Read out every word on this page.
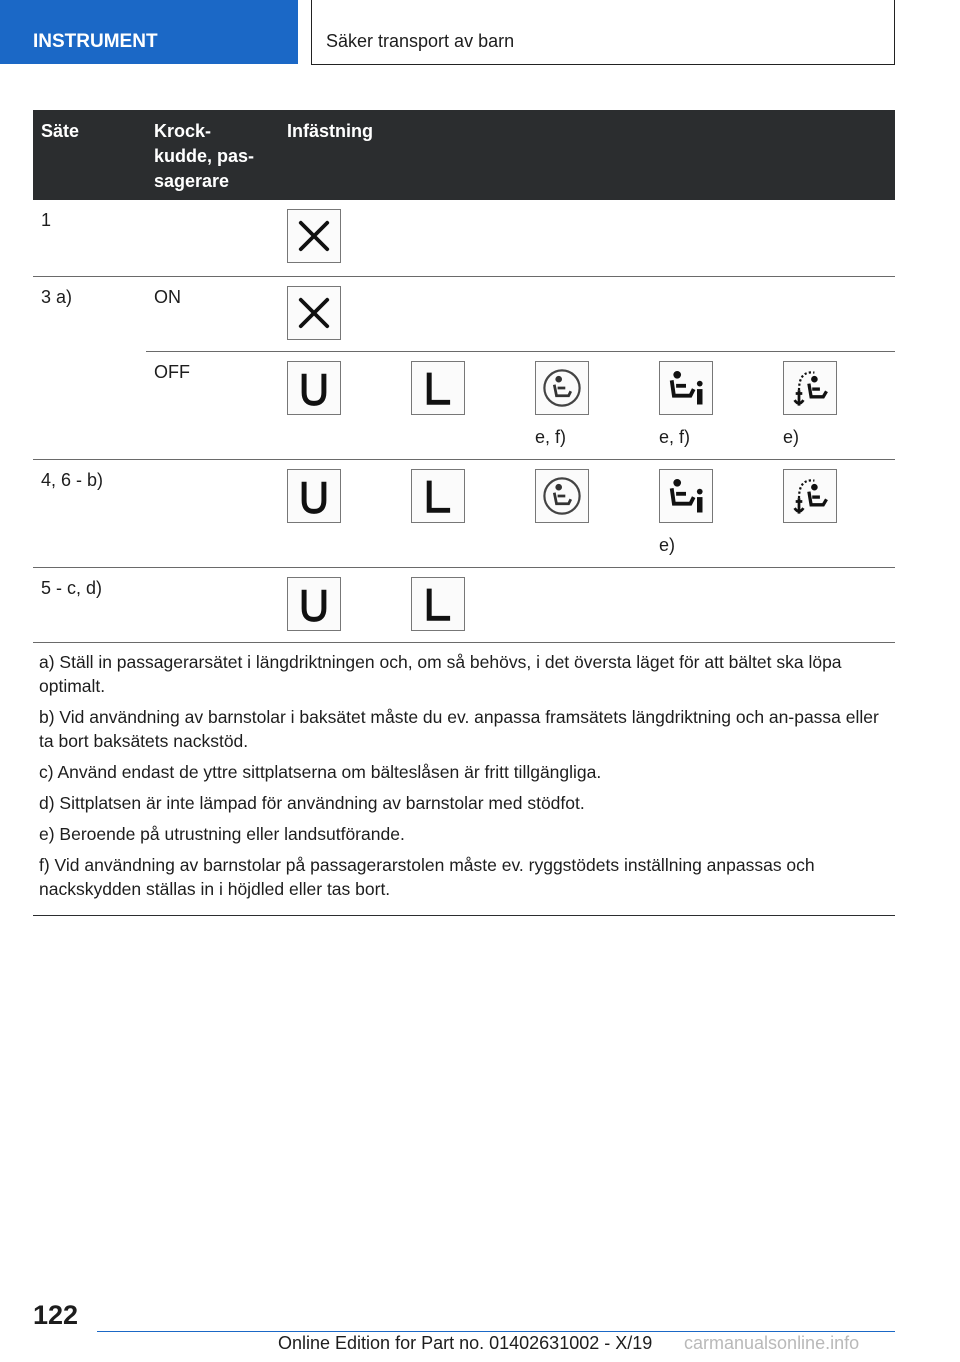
INSTRUMENT	Säker transport av barn
Säte	Krock-
kudde, pas-
sagerare	Infästning				

1

3 a)	ON

	OFF			e, f)	e, f)	e)

4, 6 - b)					e)

5 - c, d)

a) Ställ in passagerarsätet i längdriktningen och, om så behövs, i det översta läget för att bältet ska löpa optimalt.

b) Vid användning av barnstolar i baksätet måste du ev. anpassa framsätets längdriktning och an-passa eller ta bort baksätets nackstöd.

c) Använd endast de yttre sittplatserna om bälteslåsen är fritt tillgängliga.

d) Sittplatsen är inte lämpad för användning av barnstolar med stödfot.

e) Beroende på utrustning eller landsutförande.

f) Vid användning av barnstolar på passagerarstolen måste ev. ryggstödets inställning anpassas och nackskydden ställas in i höjdled eller tas bort.

122
Online Edition for Part no. 01402631002 - X/19 carmanualsonline.info
